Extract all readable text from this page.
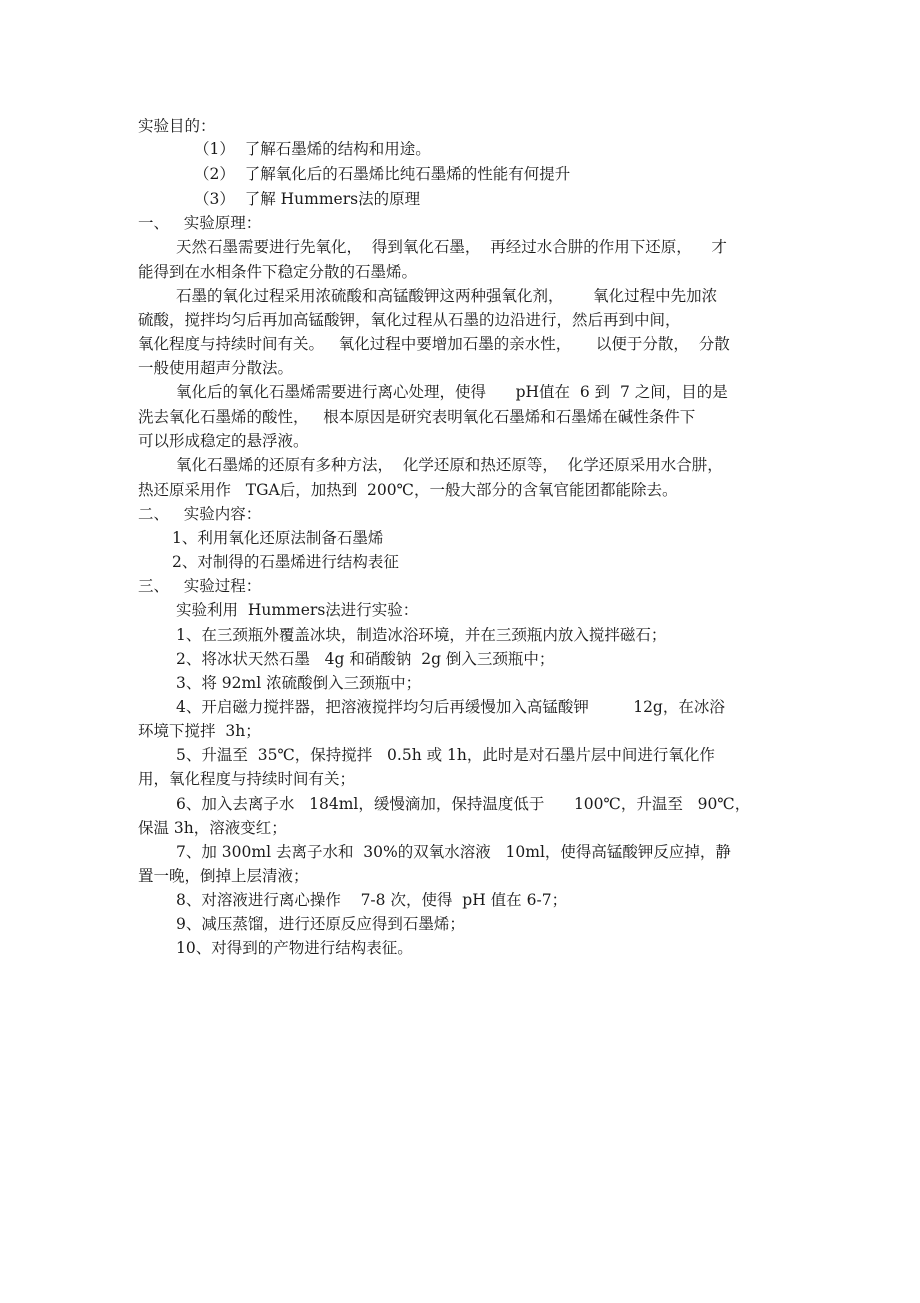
实验目的：
（1）  了解石墨烯的结构和用途。
（2）  了解氧化后的石墨烯比纯石墨烯的性能有何提升
（3）  了解 Hummers法的原理
一、   实验原理：
天然石墨需要进行先氧化，  得到氧化石墨，  再经过水合肼的作用下还原，    才
能得到在水相条件下稳定分散的石墨烯。
石墨的氧化过程采用浓硫酸和高锰酸钾这两种强氧化剂，      氧化过程中先加浓
硫酸，搅拌均匀后再加高锰酸钾，氧化过程从石墨的边沿进行，然后再到中间，
氧化程度与持续时间有关。   氧化过程中要增加石墨的亲水性，     以便于分散，  分散
一般使用超声分散法。
氧化后的氧化石墨烯需要进行离心处理，使得      pH值在  6 到  7 之间，目的是
洗去氧化石墨烯的酸性，   根本原因是研究表明氧化石墨烯和石墨烯在碱性条件下
可以形成稳定的悬浮液。
氧化石墨烯的还原有多种方法，  化学还原和热还原等，  化学还原采用水合肼，
热还原采用作   TGA后，加热到  200℃，一般大部分的含氧官能团都能除去。
二、   实验内容：
1、利用氧化还原法制备石墨烯
2、对制得的石墨烯进行结构表征
三、   实验过程：
实验利用  Hummers法进行实验：
1、在三颈瓶外覆盖冰块，制造冰浴环境，并在三颈瓶内放入搅拌磁石；
2、将冰状天然石墨   4g 和硝酸钠  2g 倒入三颈瓶中；
3、将 92ml 浓硫酸倒入三颈瓶中；
4、开启磁力搅拌器，把溶液搅拌均匀后再缓慢加入高锰酸钾         12g，在冰浴
环境下搅拌  3h；
5、升温至  35℃，保持搅拌   0.5h 或 1h，此时是对石墨片层中间进行氧化作
用，氧化程度与持续时间有关；
6、加入去离子水   184ml，缓慢滴加，保持温度低于      100℃，升温至   90℃，
保温 3h，溶液变红；
7、加 300ml 去离子水和  30%的双氧水溶液   10ml，使得高锰酸钾反应掉，静
置一晚，倒掉上层清液；
8、对溶液进行离心操作    7-8 次，使得  pH 值在 6-7；
9、减压蒸馏，进行还原反应得到石墨烯；
10、对得到的产物进行结构表征。
